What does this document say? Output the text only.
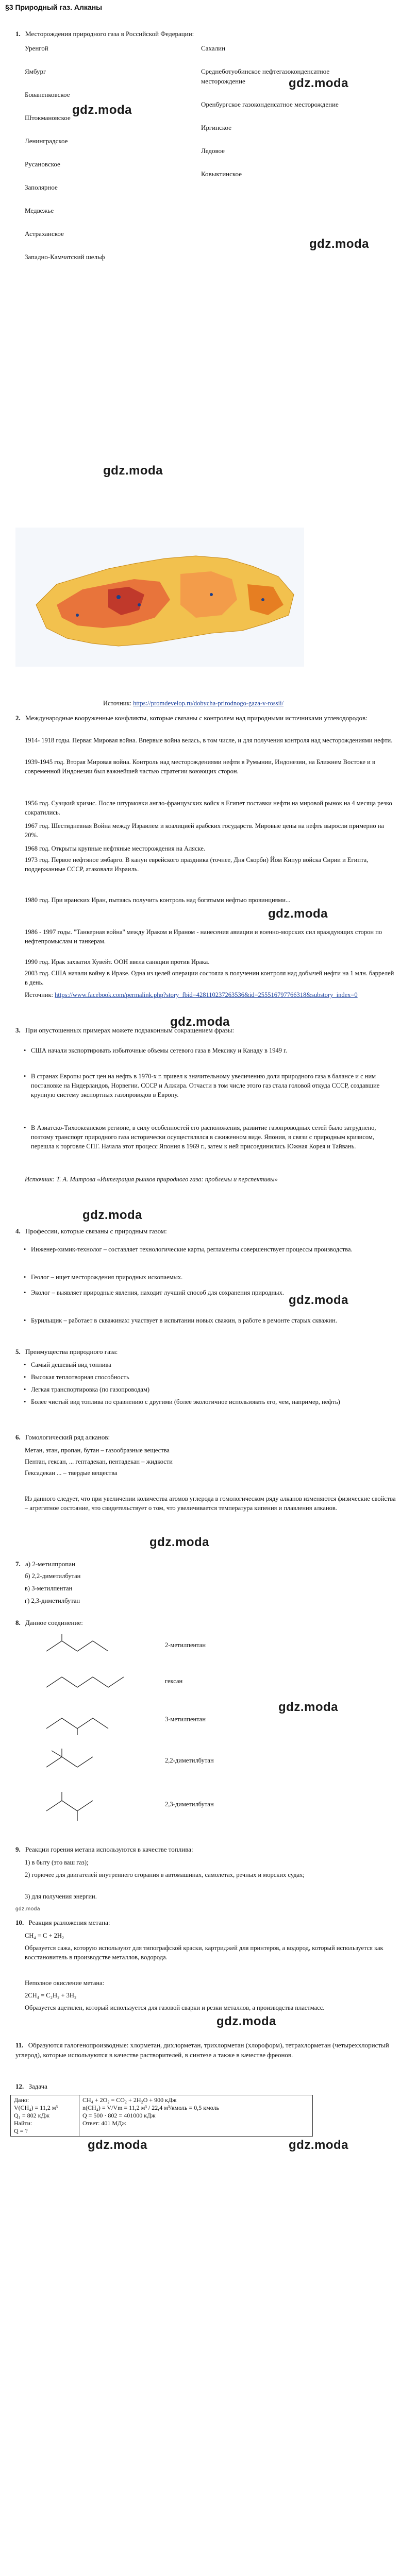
§3 Природный газ. Алканы
1. Месторождения природного газа в Российской Федерации:
Уренгой
Ямбург
Бованенковское
Штокмановское
Ленинградское
Русановское
Заполярное
Медвежье
Астраханское
Западно-Камчатский шельф
Сахалин
Среднеботуобинское нефтегазоконденсатное месторождение
Оренбургское газоконденсатное месторождение
Иргинское
Ледовое
Ковыктинское
gdz.moda
gdz.moda
gdz.moda
gdz.moda
Источник: https://promdevelop.ru/dobycha-prirodnogo-gaza-v-rossii/
2. Международные вооруженные конфликты, которые связаны с контролем над природными источниками углеводородов:
1914- 1918 годы. Первая Мировая война. Впервые война велась, в том числе, и для получения контроля над месторождениями нефти.
1939-1945 год. Вторая Мировая война. Контроль над месторождениями нефти в Румынии, Индонезии, на Ближнем Востоке и в современной Индонезии был важнейшей частью стратегии воюющих сторон.
1956 год. Суэцкий кризис. После штурмовки англо-французских войск в Египет поставки нефти на мировой рынок на 4 месяца резко сократились.
1967 год. Шестидневная Война между Израилем и коалицией арабских государств. Мировые цены на нефть выросли примерно на 20%.
1968 год. Открыты крупные нефтяные месторождения на Аляске.
1973 год. Первое нефтяное эмбарго. В канун еврейского праздника (точнее, Дня Скорби) Йом Кипур войска Сирии и Египта, поддержанные СССР, атаковали Израиль.
1980 год. При иранских Иран, пытаясь получить контроль над богатыми нефтью провинциями...
1986 - 1997 годы. "Танкерная война" между Ираком и Ираном - нанесения авиации и военно-морских сил враждующих сторон по нефтепромыслам и танкерам.
1990 год. Ирак захватил Кувейт. ООН ввела санкции против Ирака.
2003 год. США начали войну в Ираке. Одна из целей операции состояла в получении контроля над добычей нефти на 1 млн. баррелей в день.
Источник: https://www.facebook.com/permalink.php?story_fbid=428110237263536&id=255516797766318&substory_index=0
gdz.moda
gdz.moda
3. При опустошенных примерах можете подзаконным сокращением фразы:
• США начали экспортировать избыточные объемы сетевого газа в Мексику и Канаду в 1949 г.
• В странах Европы рост цен на нефть в 1970-х г. привел к значительному увеличению доли природного газа в балансе и с ним постановке на Нидерландов, Норвегии. СССР и Алжира. Отчасти в том числе этого газ стала головой откуда СССР, создавшие крупную систему экспортных газопроводов в Европу.
• В Азиатско-Тихоокеанском регионе, в силу особенностей его расположения, развитие газопроводных сетей было затруднено, поэтому транспорт природного газа исторически осуществлялся в сжиженном виде. Япония, в связи с природным кризисом, перешла к торговле СПГ. Начала этот процесс Япония в 1969 г., затем к ней присоединились Южная Корея и Тайвань.
Источник: Т. А. Митрова «Интеграция рынков природного газа: проблемы и перспективы»
gdz.moda
4. Профессии, которые связаны с природным газом:
• Инженер-химик-технолог – составляет технологические карты, регламенты совершенствует процессы производства.
• Геолог – ищет месторождения природных ископаемых.
• Эколог – выявляет природные явления, находит лучший способ для сохранения природных.
• Бурильщик – работает в скважинах: участвует в испытании новых сважин, в работе в ремонте старых скважин.
gdz.moda
5. Преимущества природного газа:
• Самый дешевый вид топлива
• Высокая теплотворная способность
• Легкая транспортировка (по газопроводам)
• Более чистый вид топлива по сравнению с другими (более экологичное использовать его, чем, например, нефть)
6. Гомологический ряд алканов:
Метан, этан, пропан, бутан – газообразные вещества
Пентан, гексан, ... гептадекан, пентадекан – жидкости
Гексадекан ... – твердые вещества
Из данного следует, что при увеличении количества атомов углерода в гомологическом ряду алканов изменяются физические свойства – агрегатное состояние, что свидетельствует о том, что увеличивается температура кипения и плавления алканов.
gdz.moda
7. а) 2-метилпропан
б) 2,2-диметилбутан
в) 3-метилпентан
г) 2,3-диметилбутан
8. Данное соединение:
2-метилпентан
гексан
3-метилпентан
2,2-диметилбутан
2,3-диметилбутан
gdz.moda
9. Реакции горения метана используются в качестве топлива:
1) в быту (это ваш газ);
2) горючее для двигателей внутреннего сгорания в автомашинах, самолетах, речных и морских судах;
3) для получения энергии.
gdz.moda
10. Реакция разложения метана:
CH₄ = C + 2H₂
Образуется сажа, которую используют для типографской краски, картриджей для принтеров, а водород, который используется как восстановитель в производстве металлов, водорода.
Неполное окисление метана:
2CH₄ = C₂H₂ + 3H₂
Образуется ацетилен, который используется для газовой сварки и резки металлов, а производства пластмасс.
gdz.moda
11. Образуются галогенопроизводные: хлорметан, дихлорметан, трихлорметан (хлороформ), тетрахлорметан (четыреххлористый углерод), которые используются в качестве растворителей, в синтезе а также в качестве фреонов.
12. Задача
Дано:
V(CH₄) = 11,2 м³
Q₁ = 802 кДж
Найти:
Q = ?

CH₄ + 2O₂ = CO₂ + 2H₂O + 900 кДж
n(CH₄) = V/Vm = 11,2 м³ / 22,4 м³/кмоль = 0,5 кмоль
Q = 500 · 802 = 401000 кДж
Ответ: 401 МДж
gdz.moda	gdz.moda
